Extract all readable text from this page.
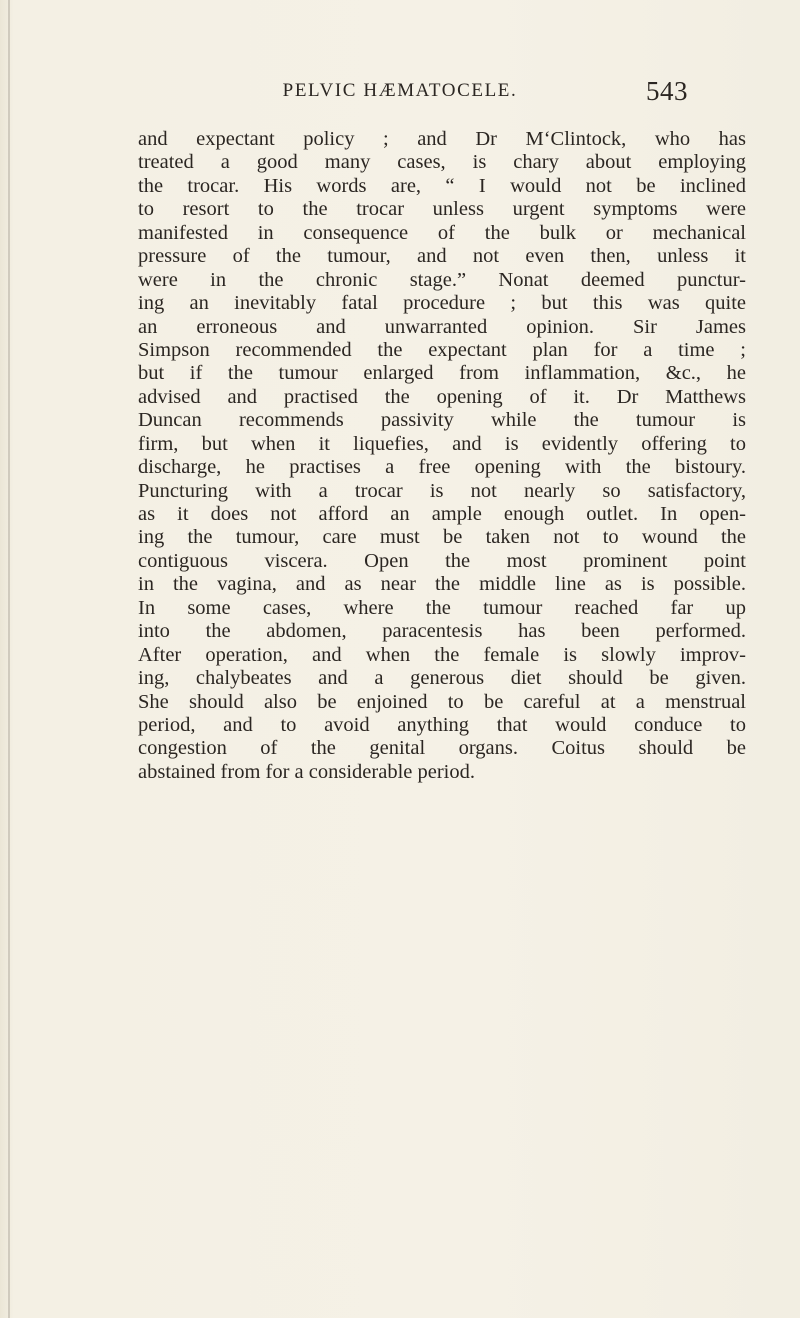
PELVIC HÆMATOCELE.	543
and expectant policy ; and Dr M‘Clintock, who has
treated a good many cases, is chary about employing
the trocar. His words are, “ I would not be inclined
to resort to the trocar unless urgent symptoms were
manifested in consequence of the bulk or mechanical
pressure of the tumour, and not even then, unless it
were in the chronic stage.” Nonat deemed punctur-
ing an inevitably fatal procedure ; but this was quite
an erroneous and unwarranted opinion. Sir James
Simpson recommended the expectant plan for a time ;
but if the tumour enlarged from inflammation, &c., he
advised and practised the opening of it. Dr Matthews
Duncan recommends passivity while the tumour is
firm, but when it liquefies, and is evidently offering to
discharge, he practises a free opening with the bistoury.
Puncturing with a trocar is not nearly so satisfactory,
as it does not afford an ample enough outlet. In open-
ing the tumour, care must be taken not to wound the
contiguous viscera. Open the most prominent point
in the vagina, and as near the middle line as is possible.
In some cases, where the tumour reached far up
into the abdomen, paracentesis has been performed.
After operation, and when the female is slowly improv-
ing, chalybeates and a generous diet should be given.
She should also be enjoined to be careful at a menstrual
period, and to avoid anything that would conduce to
congestion of the genital organs. Coitus should be
abstained from for a considerable period.
